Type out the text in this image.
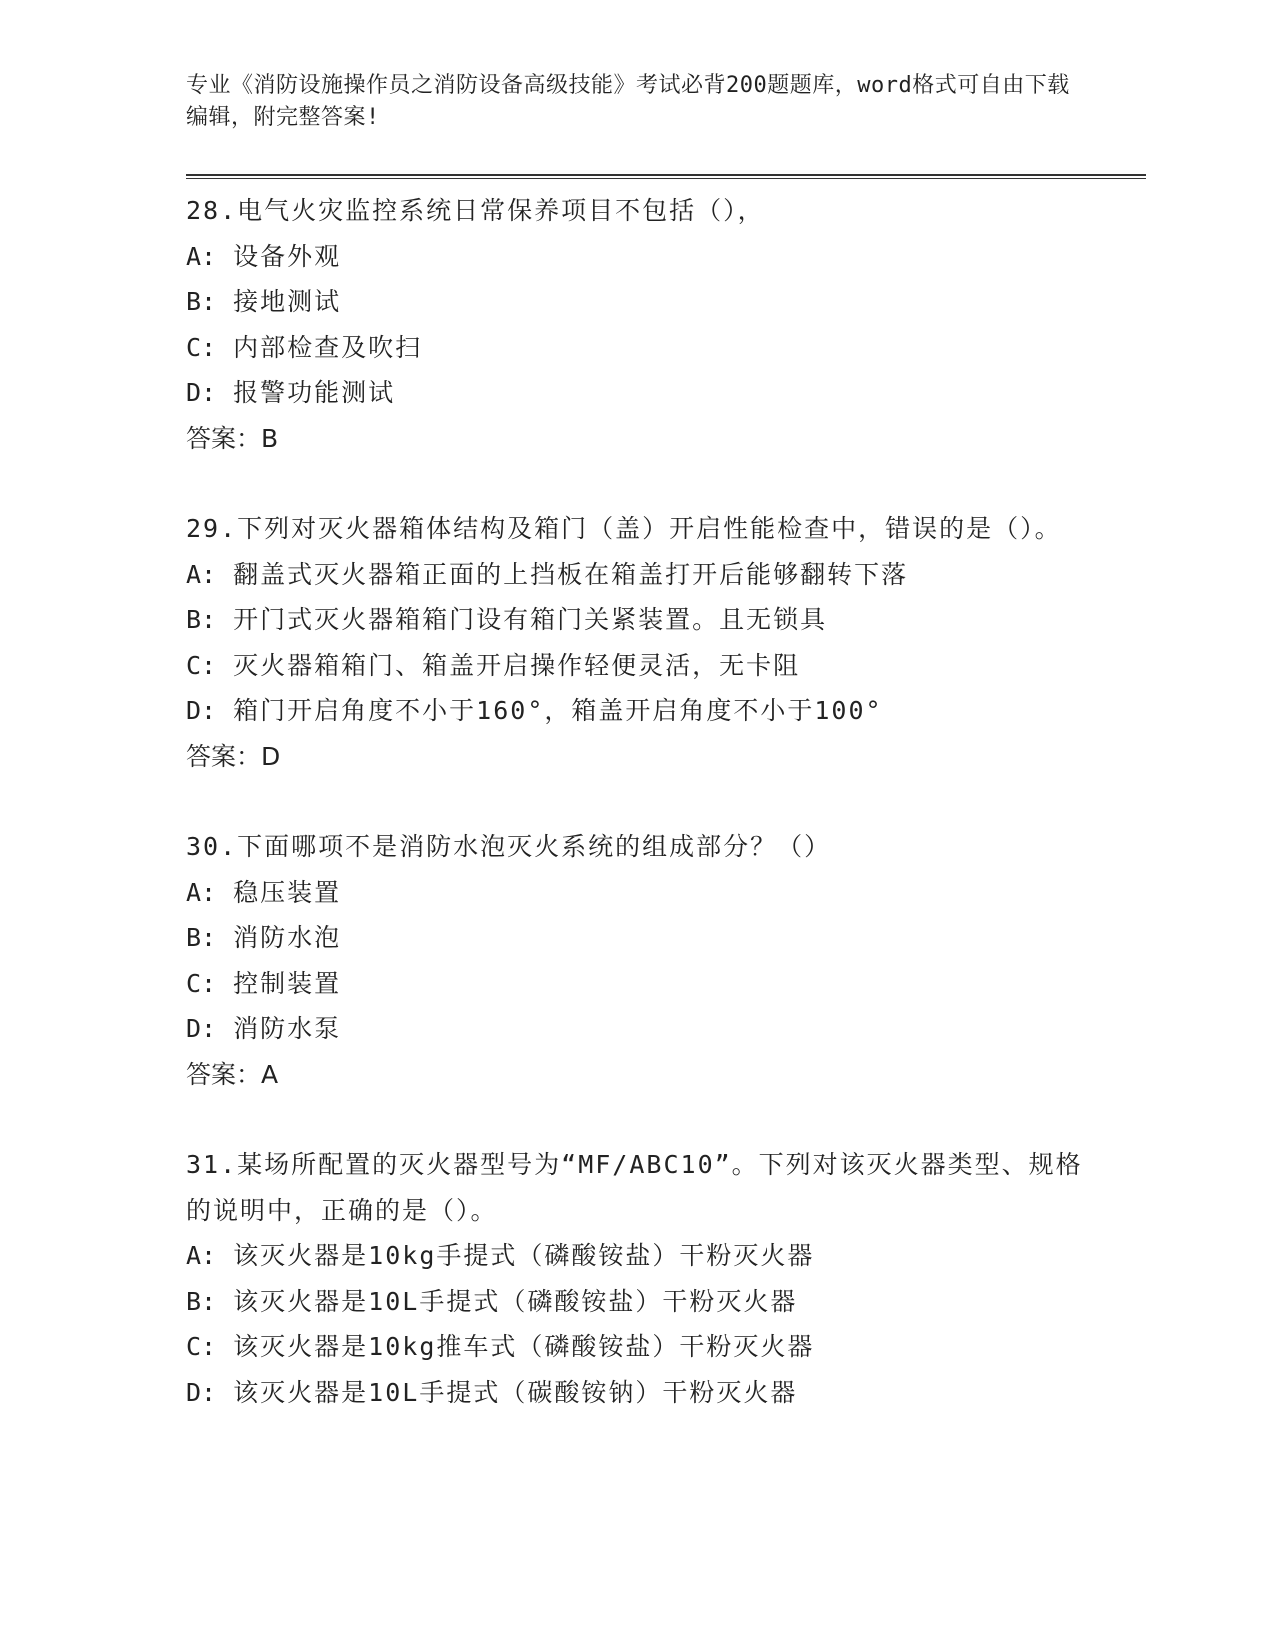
专业《消防设施操作员之消防设备高级技能》考试必背200题题库，word格式可自由下载编辑，附完整答案!

28.电气火灾监控系统日常保养项目不包括（），

A: 设备外观

B: 接地测试

C: 内部检查及吹扫

D: 报警功能测试

答案：B

29.下列对灭火器箱体结构及箱门（盖）开启性能检查中，错误的是（）。

A: 翻盖式灭火器箱正面的上挡板在箱盖打开后能够翻转下落

B: 开门式灭火器箱箱门设有箱门关紧装置。且无锁具

C: 灭火器箱箱门、箱盖开启操作轻便灵活，无卡阻

D: 箱门开启角度不小于160°，箱盖开启角度不小于100°

答案：D

30.下面哪项不是消防水泡灭火系统的组成部分？（）

A: 稳压装置

B: 消防水泡

C: 控制装置

D: 消防水泵

答案：A

31.某场所配置的灭火器型号为“MF/ABC10”。下列对该灭火器类型、规格的说明中，正确的是（）。

A: 该灭火器是10kg手提式（磷酸铵盐）干粉灭火器

B: 该灭火器是10L手提式（磷酸铵盐）干粉灭火器

C: 该灭火器是10kg推车式（磷酸铵盐）干粉灭火器

D: 该灭火器是10L手提式（碳酸铵钠）干粉灭火器
